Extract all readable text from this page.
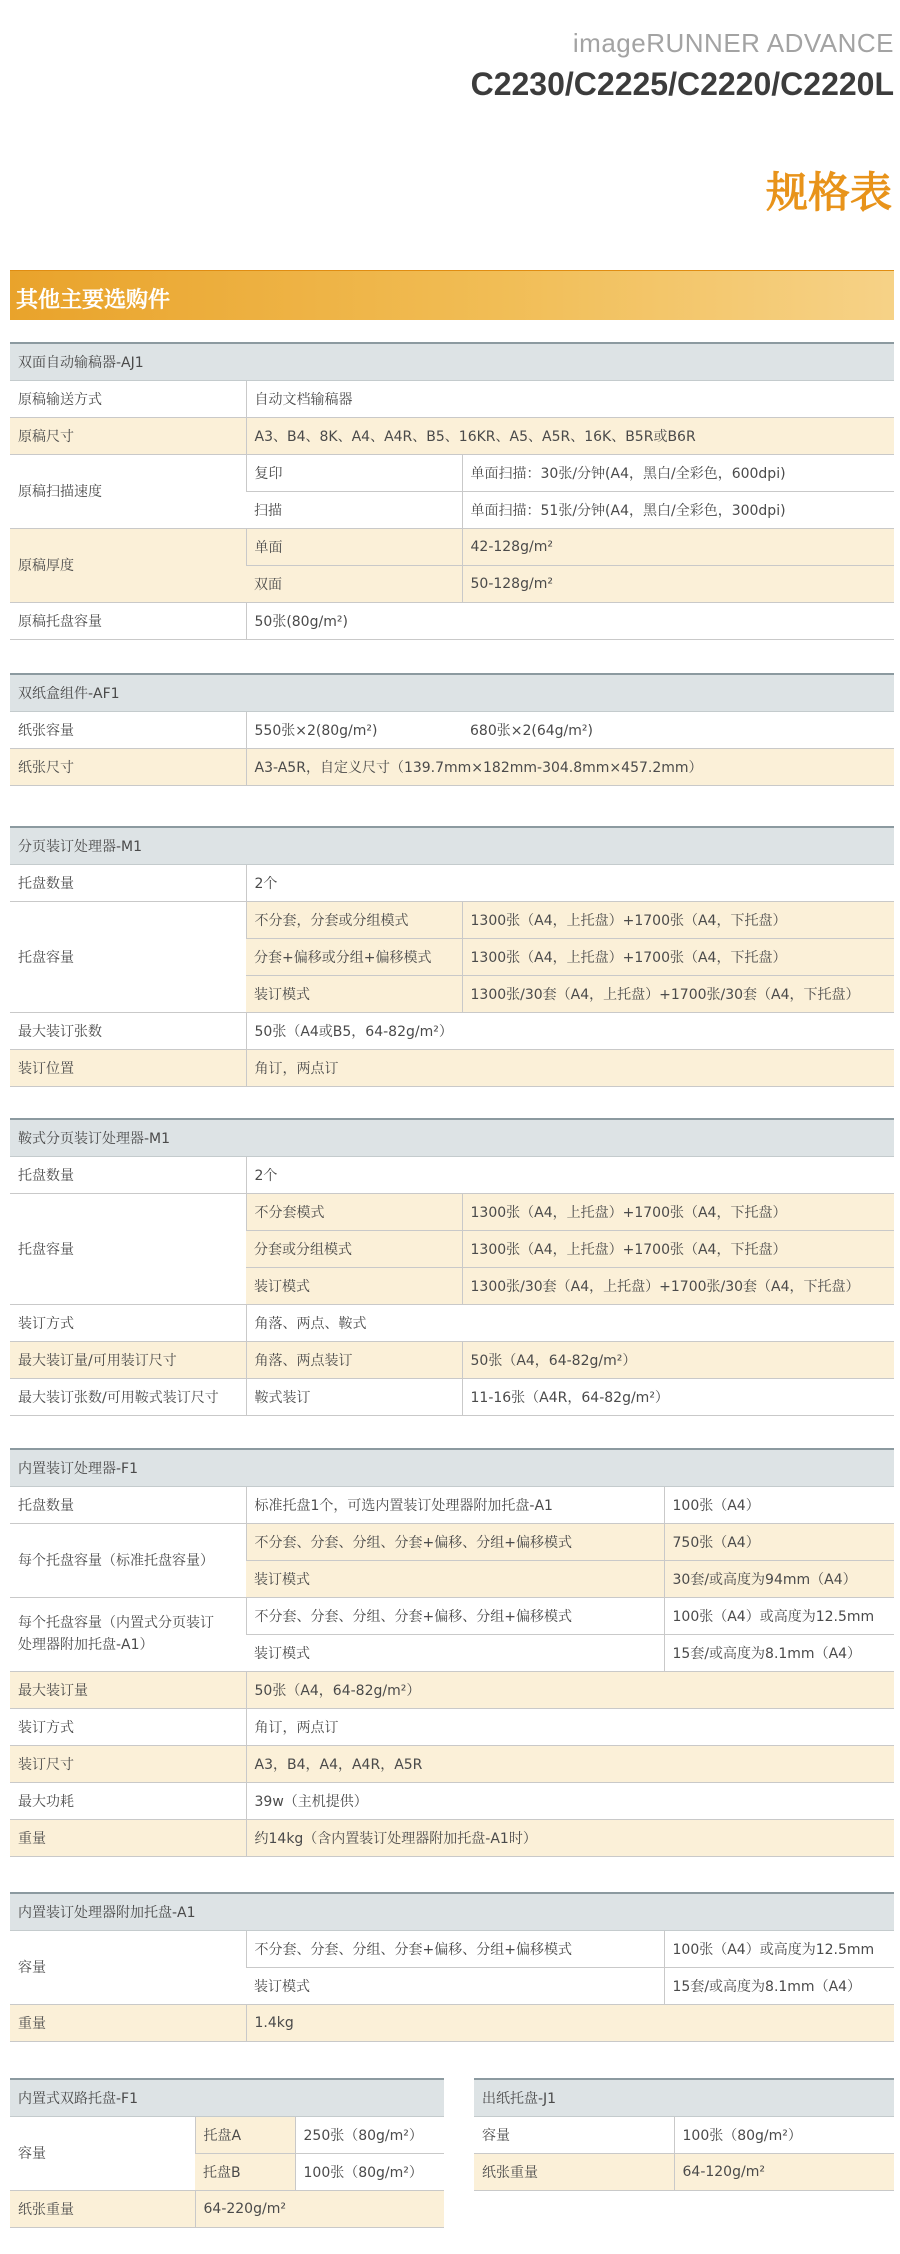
imageRUNNER ADVANCE
C2230/C2225/C2220/C2220L
规格表
其他主要选购件
双面自动输稿器-AJ1		
原稿输送方式	自动文档输稿器	
原稿尺寸	A3、B4、8K、A4、A4R、B5、16KR、A5、A5R、16K、B5R或B6R	
原稿扫描速度	复印	单面扫描：30张/分钟(A4，黑白/全彩色，600dpi)
	扫描	单面扫描：51张/分钟(A4，黑白/全彩色，300dpi)
原稿厚度	单面	42-128g/m²
	双面	50-128g/m²
原稿托盘容量	50张(80g/m²)	
双纸盒组件-AF1		
纸张容量	550张×2(80g/m²)	680张×2(64g/m²)
纸张尺寸	A3-A5R，自定义尺寸（139.7mm×182mm-304.8mm×457.2mm）	
分页装订处理器-M1		
托盘数量	2个	
托盘容量	不分套，分套或分组模式	1300张（A4，上托盘）+1700张（A4，下托盘）
	分套+偏移或分组+偏移模式	1300张（A4，上托盘）+1700张（A4，下托盘）
	装订模式	1300张/30套（A4，上托盘）+1700张/30套（A4，下托盘）
最大装订张数	50张（A4或B5，64-82g/m²）	
装订位置	角订，两点订	
鞍式分页装订处理器-M1		
托盘数量	2个	
托盘容量	不分套模式	1300张（A4，上托盘）+1700张（A4，下托盘）
	分套或分组模式	1300张（A4，上托盘）+1700张（A4，下托盘）
	装订模式	1300张/30套（A4，上托盘）+1700张/30套（A4，下托盘）
装订方式	角落、两点、鞍式	
最大装订量/可用装订尺寸	角落、两点装订	50张（A4，64-82g/m²）
最大装订张数/可用鞍式装订尺寸	鞍式装订	11-16张（A4R，64-82g/m²）
内置装订处理器-F1		
托盘数量	标准托盘1个，可选内置装订处理器附加托盘-A1	100张（A4）
每个托盘容量（标准托盘容量）	不分套、分套、分组、分套+偏移、分组+偏移模式	750张（A4）
	装订模式	30套/或高度为94mm（A4）
每个托盘容量（内置式分页装订
处理器附加托盘-A1）	不分套、分套、分组、分套+偏移、分组+偏移模式	100张（A4）或高度为12.5mm
	装订模式	15套/或高度为8.1mm（A4）
最大装订量	50张（A4，64-82g/m²）	
装订方式	角订，两点订	
装订尺寸	A3，B4，A4，A4R，A5R	
最大功耗	39w（主机提供）	
重量	约14kg（含内置装订处理器附加托盘-A1时）	
内置装订处理器附加托盘-A1		
容量	不分套、分套、分组、分套+偏移、分组+偏移模式	100张（A4）或高度为12.5mm
	装订模式	15套/或高度为8.1mm（A4）
重量	1.4kg	
内置式双路托盘-F1		
容量	托盘A	250张（80g/m²）
	托盘B	100张（80g/m²）
纸张重量	64-220g/m²	
出纸托盘-J1	
容量	100张（80g/m²）
纸张重量	64-120g/m²
